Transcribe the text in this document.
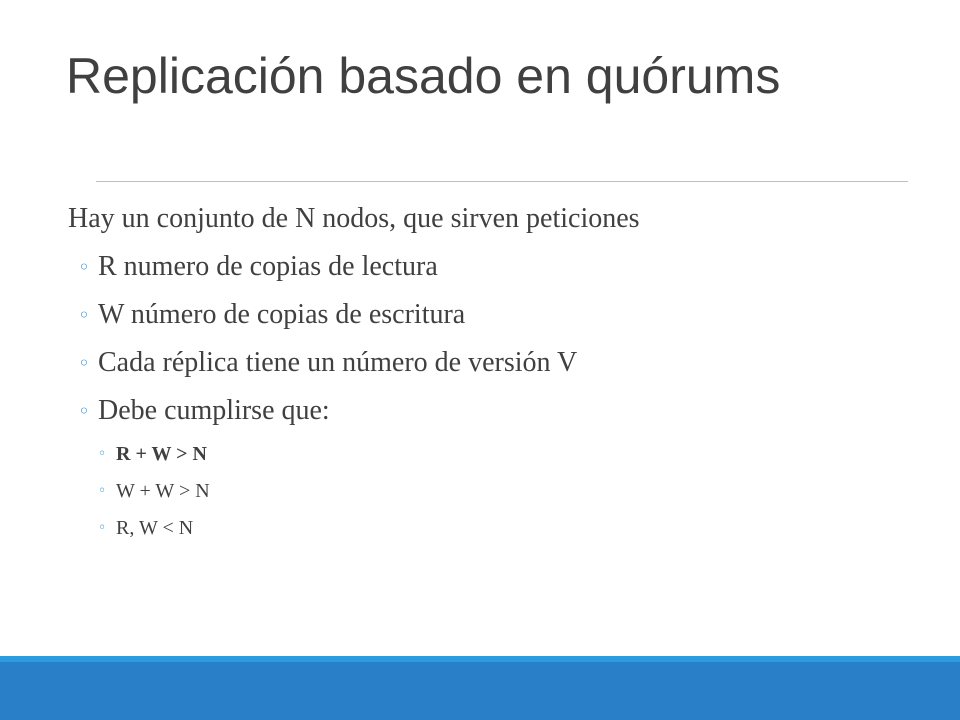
Replicación basado en quórums

Hay un conjunto de N nodos, que sirven peticiones

◦ R numero de copias de lectura
◦ W número de copias de escritura
◦ Cada réplica tiene un número de versión V
◦ Debe cumplirse que:
◦ R + W > N
◦ W + W > N
◦ R, W < N
